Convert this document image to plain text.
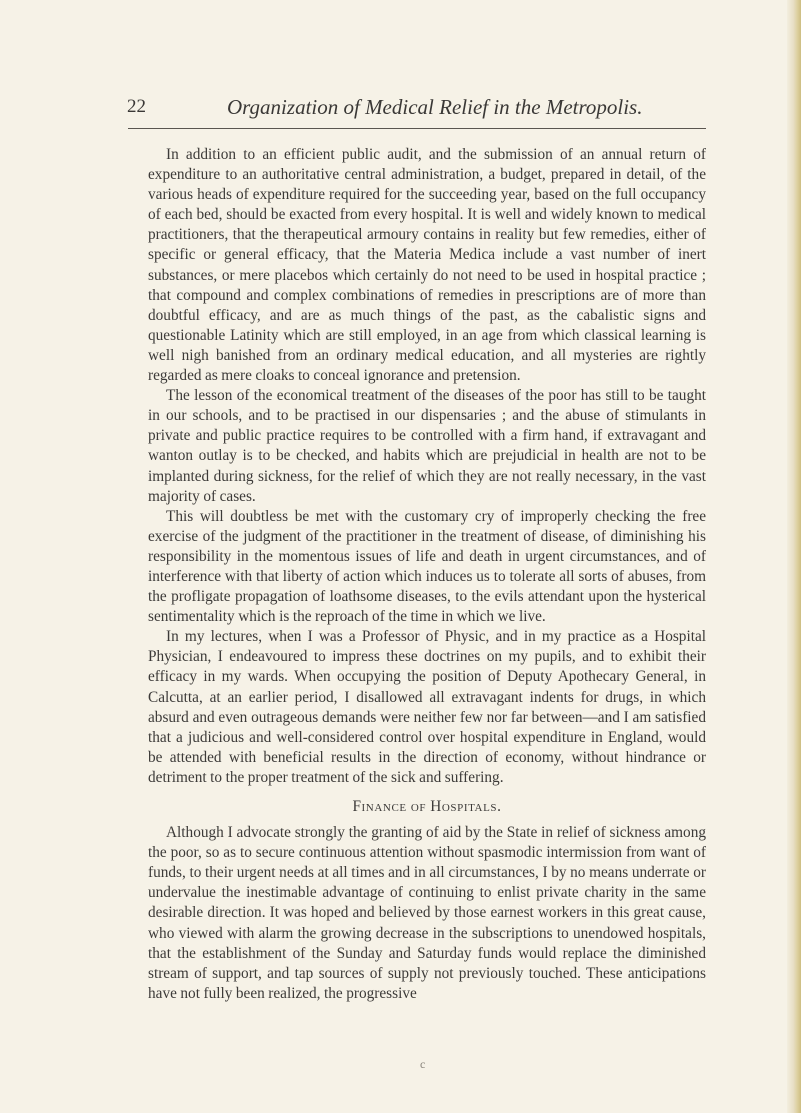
22	Organization of Medical Relief in the Metropolis.

In addition to an efficient public audit, and the submission of an annual return of expenditure to an authoritative central administration, a budget, prepared in detail, of the various heads of expenditure required for the succeeding year, based on the full occupancy of each bed, should be exacted from every hospital. It is well and widely known to medical practitioners, that the therapeutical armoury contains in reality but few remedies, either of specific or general efficacy, that the Materia Medica include a vast number of inert substances, or mere placebos which certainly do not need to be used in hospital practice ; that compound and complex combinations of remedies in prescriptions are of more than doubtful efficacy, and are as much things of the past, as the cabalistic signs and questionable Latinity which are still employed, in an age from which classical learning is well nigh banished from an ordinary medical education, and all mysteries are rightly regarded as mere cloaks to conceal ignorance and pretension.

The lesson of the economical treatment of the diseases of the poor has still to be taught in our schools, and to be practised in our dispensaries ; and the abuse of stimulants in private and public practice requires to be controlled with a firm hand, if extravagant and wanton outlay is to be checked, and habits which are prejudicial in health are not to be implanted during sickness, for the relief of which they are not really necessary, in the vast majority of cases.

This will doubtless be met with the customary cry of improperly checking the free exercise of the judgment of the practitioner in the treatment of disease, of diminishing his responsibility in the momentous issues of life and death in urgent circumstances, and of interference with that liberty of action which induces us to tolerate all sorts of abuses, from the profligate propagation of loathsome diseases, to the evils attendant upon the hysterical sentimentality which is the reproach of the time in which we live.

In my lectures, when I was a Professor of Physic, and in my practice as a Hospital Physician, I endeavoured to impress these doctrines on my pupils, and to exhibit their efficacy in my wards. When occupying the position of Deputy Apothecary General, in Calcutta, at an earlier period, I disallowed all extravagant indents for drugs, in which absurd and even outrageous demands were neither few nor far between—and I am satisfied that a judicious and well-considered control over hospital expenditure in England, would be attended with beneficial results in the direction of economy, without hindrance or detriment to the proper treatment of the sick and suffering.

Finance of Hospitals.

Although I advocate strongly the granting of aid by the State in relief of sickness among the poor, so as to secure continuous attention without spasmodic intermission from want of funds, to their urgent needs at all times and in all circumstances, I by no means underrate or undervalue the inestimable advantage of continuing to enlist private charity in the same desirable direction. It was hoped and believed by those earnest workers in this great cause, who viewed with alarm the growing decrease in the subscriptions to unendowed hospitals, that the establishment of the Sunday and Saturday funds would replace the diminished stream of support, and tap sources of supply not previously touched. These anticipations have not fully been realized, the progressive

c
